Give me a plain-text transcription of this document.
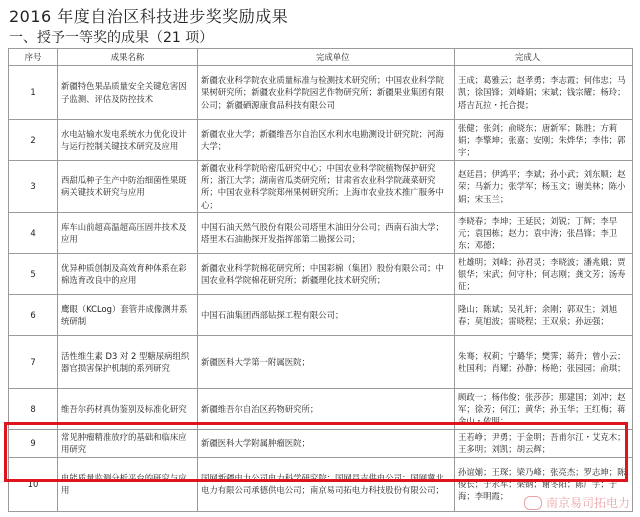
2016 年度自治区科技进步奖奖励成果
一、授予一等奖的成果（21 项）
序号	成果名称	完成单位	完成人
1	新疆特色果品质量安全关键危害因子监测、评估及防控技术	新疆农业科学院农业质量标准与检测技术研究所；中国农业科学院果树研究所；新疆农业科学院园艺作物研究所；新疆果业集团有限公司；新疆硒源康食品科技有限公司	王成；葛雅云；赵孝勇；李志霞；何伟忠；马凯；徐国锋；刘峰娟；宋斌；钱宗耀；杨玲；塔吉瓦拉・托合提；
2	水电站输水发电系统水力优化设计与运行控制关键技术研究及应用	新疆农业大学；新疆维吾尔自治区水利水电勘测设计研究院；河海大学；	张健；张剑；俞晓东；唐新军；陈胜；方莉娟；李擎坤；张嘉；安刚；朱烨华；李伟；郭宇；
3	西甜瓜种子生产中防治细菌性果斑病关键技术研究与应用	新疆农业科学院哈密瓜研究中心；中国农业科学院植物保护研究所；浙江大学；湖南省瓜类研究所；甘肃省农业科学院蔬菜研究所；中国农业科学院郑州果树研究所；上海市农业技术推广服务中心；	赵廷昌；伊鸿平；李斌；孙小武；刘东顺；赵荣；马新力；张学军；杨玉文；谢美林；陈小娟；宋玉兰；
4	库车山前超高温超高压固井技术及应用	中国石油天然气股份有限公司塔里木油田分公司；西南石油大学；塔里木石油勘探开发指挥部第二勘探公司；	李晓春；李坤；王延民；刘锐；丁辉；李早元；袁国栋；赵力；袁中涛；张昌锋；李卫东；邓德；
5	优异种质创制及高效育种体系在彩棉选育改良中的应用	新疆农业科学院棉花研究所；中国彩棉（集团）股份有限公司；中国农业科学院棉花研究所；新疆理化技术研究所；	杜雄明；刘峰；孙君灵；李晓波；潘兆娥；贾银华；宋武；何守朴；何志刚；龚文芳；汤寿征；
6	鹰眼（KCLog）套管井成像测井系统研制	中国石油集团西部钻探工程有限公司；	隆山；陈斌；吴礼轩；余刚；郭双生；刘旭春；莫旭波；雷晓程；王双泉；孙远强；
7	活性维生素 D3 对 2 型糖尿病组织器官损害保护机制的系列研究	新疆医科大学第一附属医院；	朱骞；权莉；宁璐华；樊霁；蒋升；曾小云；杜国利；肖耀；孙静；杨艳；张园园；俞琪；
8	维吾尔药材真伪鉴别及标准化研究	新疆维吾尔自治区药物研究所；	顾政一；杨伟俊；张莎莎；那建国；刘冲；赵军；徐芳；何江；黄华；孙玉华；王红梅；蒋金山・依明；
9	常见肿瘤精准放疗的基础和临床应用研究	新疆医科大学附属肿瘤医院；	王若峥；尹勇；于金明；吾甫尔江・艾克木；王多明；刘凯；胡云辉；
10	电能质量监测分析平台的研究与应用	国网新疆电力公司电力科学研究院；国网昌吉供电公司；国网冀北电力有限公司承德供电公司；南京易司拓电力科技股份有限公司；	孙谊媊；王琛；梁乃峰；张亮杰；罗志坤；陈俊长；于永军；梁钢；谢冬阳；陈广宇；于海；李明霞；	南京易司拓电力
